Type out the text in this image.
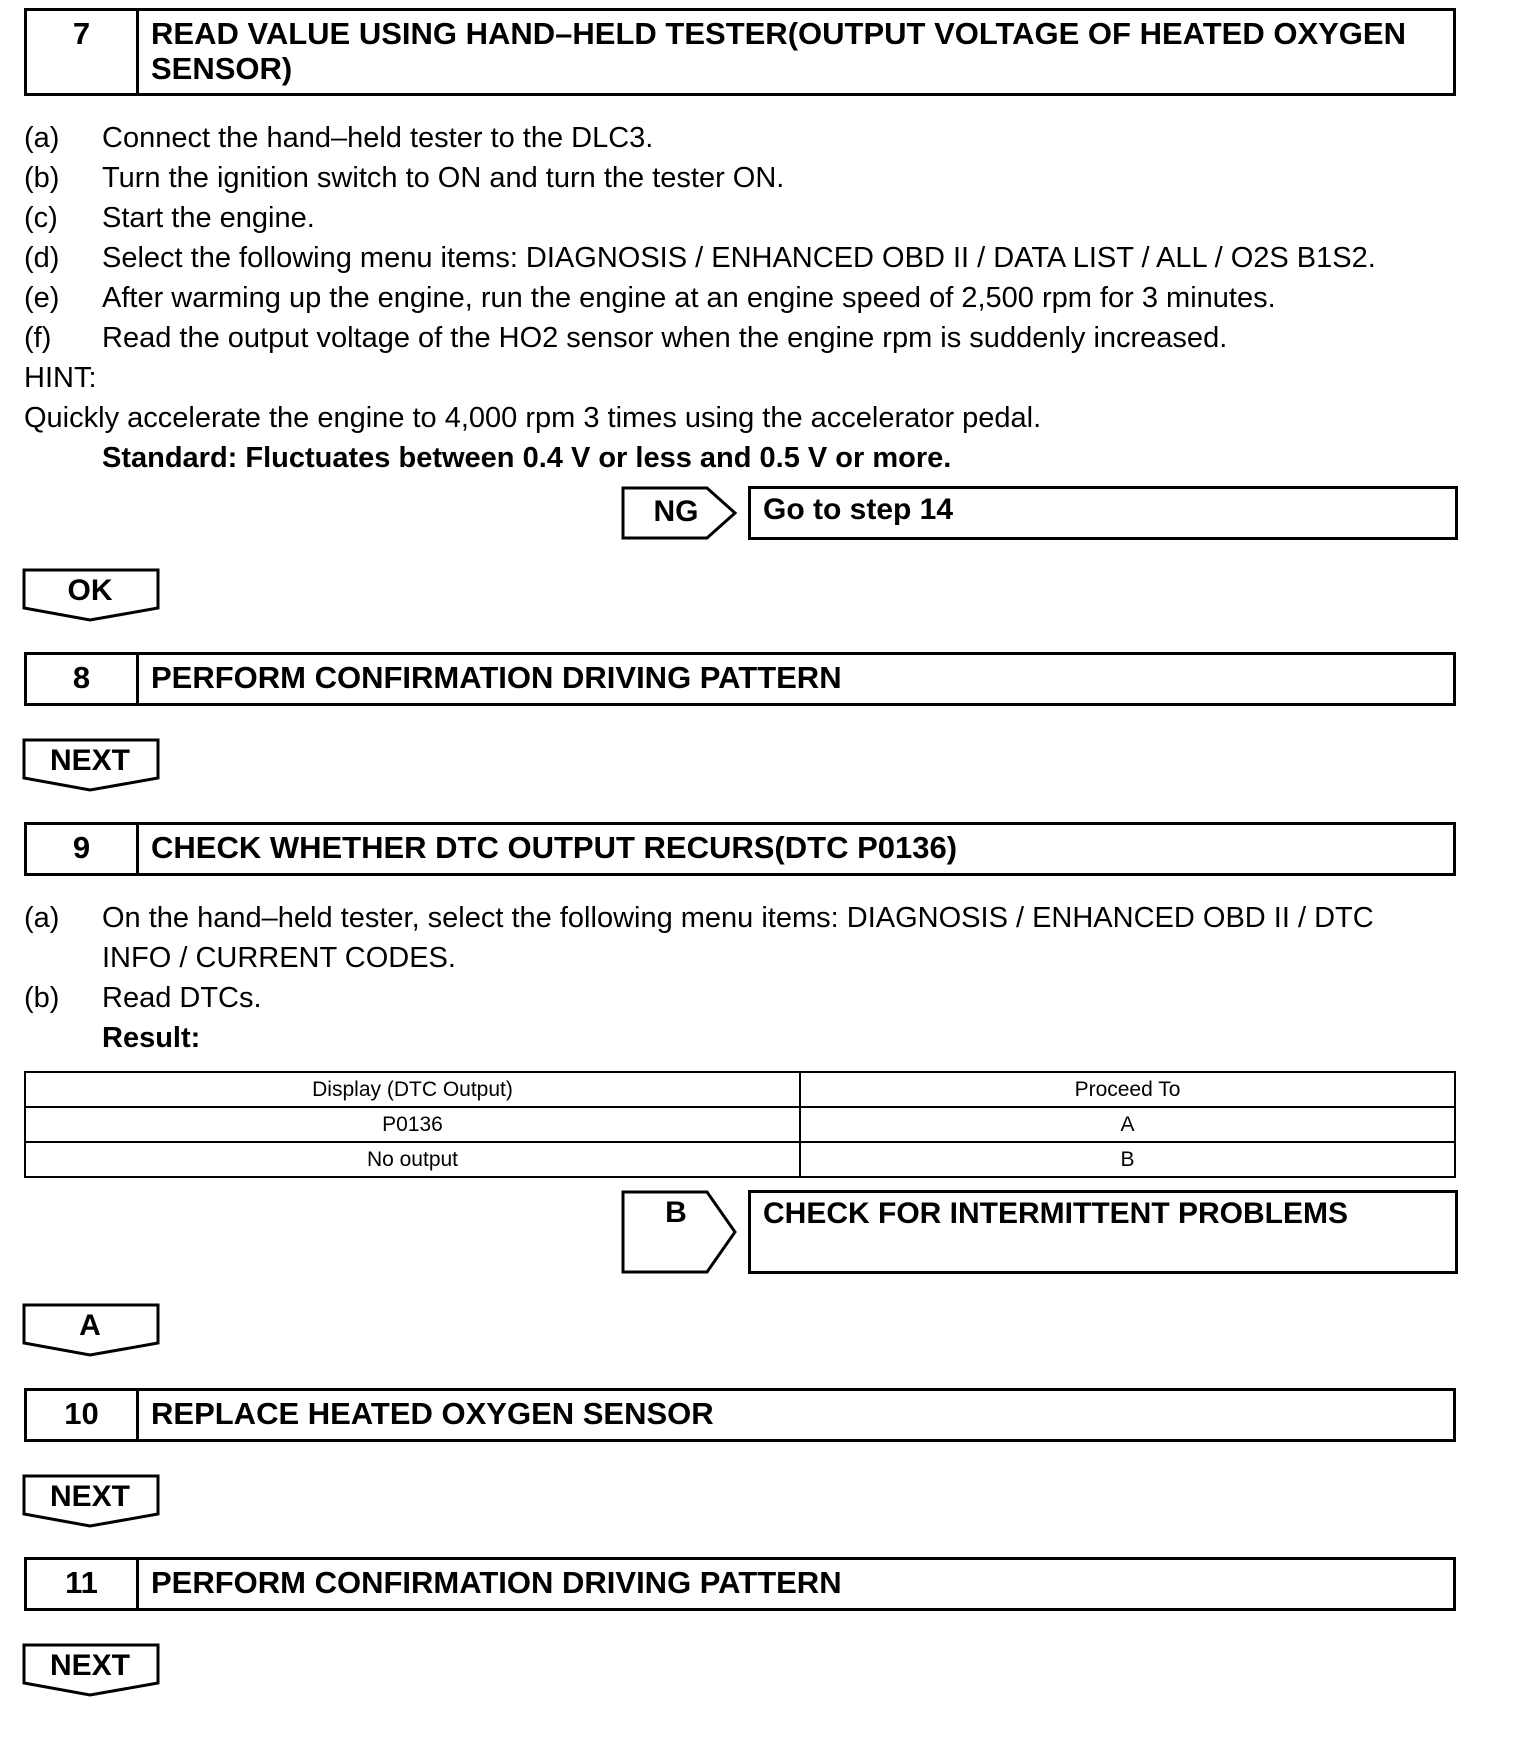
7	READ VALUE USING HAND–HELD TESTER(OUTPUT VOLTAGE OF HEATED OXYGEN SENSOR)
(a)	Connect the hand–held tester to the DLC3.
(b)	Turn the ignition switch to ON and turn the tester ON.
(c)	Start the engine.
(d)	Select the following menu items: DIAGNOSIS / ENHANCED OBD II / DATA LIST / ALL / O2S B1S2.
(e)	After warming up the engine, run the engine at an engine speed of 2,500 rpm for 3 minutes.
(f)	Read the output voltage of the HO2 sensor when the engine rpm is suddenly increased.
HINT:
Quickly accelerate the engine to 4,000 rpm 3 times using the accelerator pedal.
Standard: Fluctuates between 0.4 V or less and 0.5 V or more.
NG	Go to step 14
OK
8	PERFORM CONFIRMATION DRIVING PATTERN
NEXT
9	CHECK WHETHER DTC OUTPUT RECURS(DTC P0136)
(a)	On the hand–held tester, select the following menu items: DIAGNOSIS / ENHANCED OBD II / DTC
INFO / CURRENT CODES.
(b)	Read DTCs.
Result:
Display (DTC Output)	Proceed To
P0136	A
No output	B
B	CHECK FOR INTERMITTENT PROBLEMS
A
10	REPLACE HEATED OXYGEN SENSOR
NEXT
11	PERFORM CONFIRMATION DRIVING PATTERN
NEXT
